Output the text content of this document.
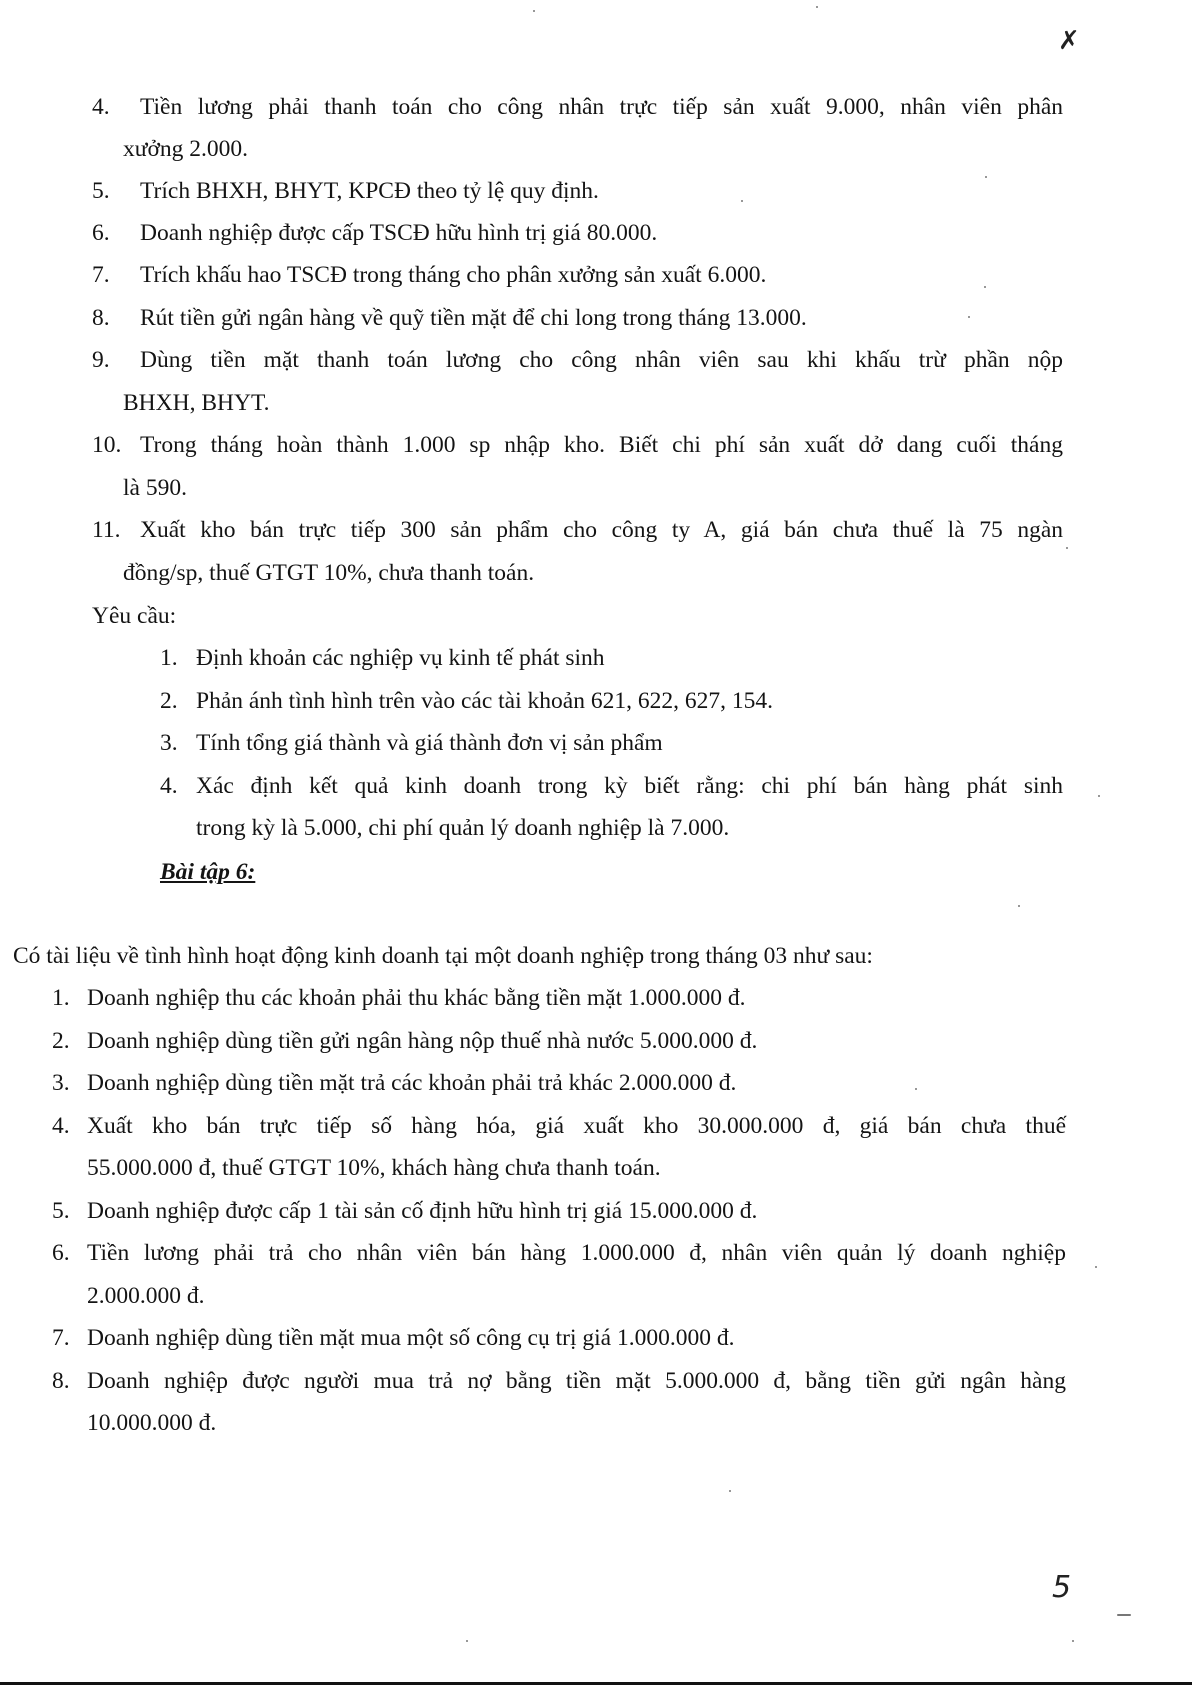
✗
4. Tiền lương phải thanh toán cho công nhân trực tiếp sản xuất 9.000, nhân viên phân
xưởng 2.000.
5. Trích BHXH, BHYT, KPCĐ theo tỷ lệ quy định.
6. Doanh nghiệp được cấp TSCĐ hữu hình trị giá 80.000.
7. Trích khấu hao TSCĐ trong tháng cho phân xưởng sản xuất 6.000.
8. Rút tiền gửi ngân hàng về quỹ tiền mặt để chi long trong tháng 13.000.
9. Dùng tiền mặt thanh toán lương cho công nhân viên sau khi khấu trừ phần nộp
BHXH, BHYT.
10. Trong tháng hoàn thành 1.000 sp nhập kho. Biết chi phí sản xuất dở dang cuối tháng
là 590.
11. Xuất kho bán trực tiếp 300 sản phẩm cho công ty A, giá bán chưa thuế là 75 ngàn
đồng/sp, thuế GTGT 10%, chưa thanh toán.
Yêu cầu:
1. Định khoản các nghiệp vụ kinh tế phát sinh
2. Phản ánh tình hình trên vào các tài khoản 621, 622, 627, 154.
3. Tính tổng giá thành và giá thành đơn vị sản phẩm
4. Xác định kết quả kinh doanh trong kỳ biết rằng: chi phí bán hàng phát sinh
trong kỳ là 5.000, chi phí quản lý doanh nghiệp là 7.000.
Bài tập 6:
Có tài liệu về tình hình hoạt động kinh doanh tại một doanh nghiệp trong tháng 03 như sau:
1. Doanh nghiệp thu các khoản phải thu khác bằng tiền mặt 1.000.000 đ.
2. Doanh nghiệp dùng tiền gửi ngân hàng nộp thuế nhà nước 5.000.000 đ.
3. Doanh nghiệp dùng tiền mặt trả các khoản phải trả khác 2.000.000 đ.
4. Xuất kho bán trực tiếp số hàng hóa, giá xuất kho 30.000.000 đ, giá bán chưa thuế
55.000.000 đ, thuế GTGT 10%, khách hàng chưa thanh toán.
5. Doanh nghiệp được cấp 1 tài sản cố định hữu hình trị giá 15.000.000 đ.
6. Tiền lương phải trả cho nhân viên bán hàng 1.000.000 đ, nhân viên quản lý doanh nghiệp
2.000.000 đ.
7. Doanh nghiệp dùng tiền mặt mua một số công cụ trị giá 1.000.000 đ.
8. Doanh nghiệp được người mua trả nợ bằng tiền mặt 5.000.000 đ, bằng tiền gửi ngân hàng
10.000.000 đ.
5
